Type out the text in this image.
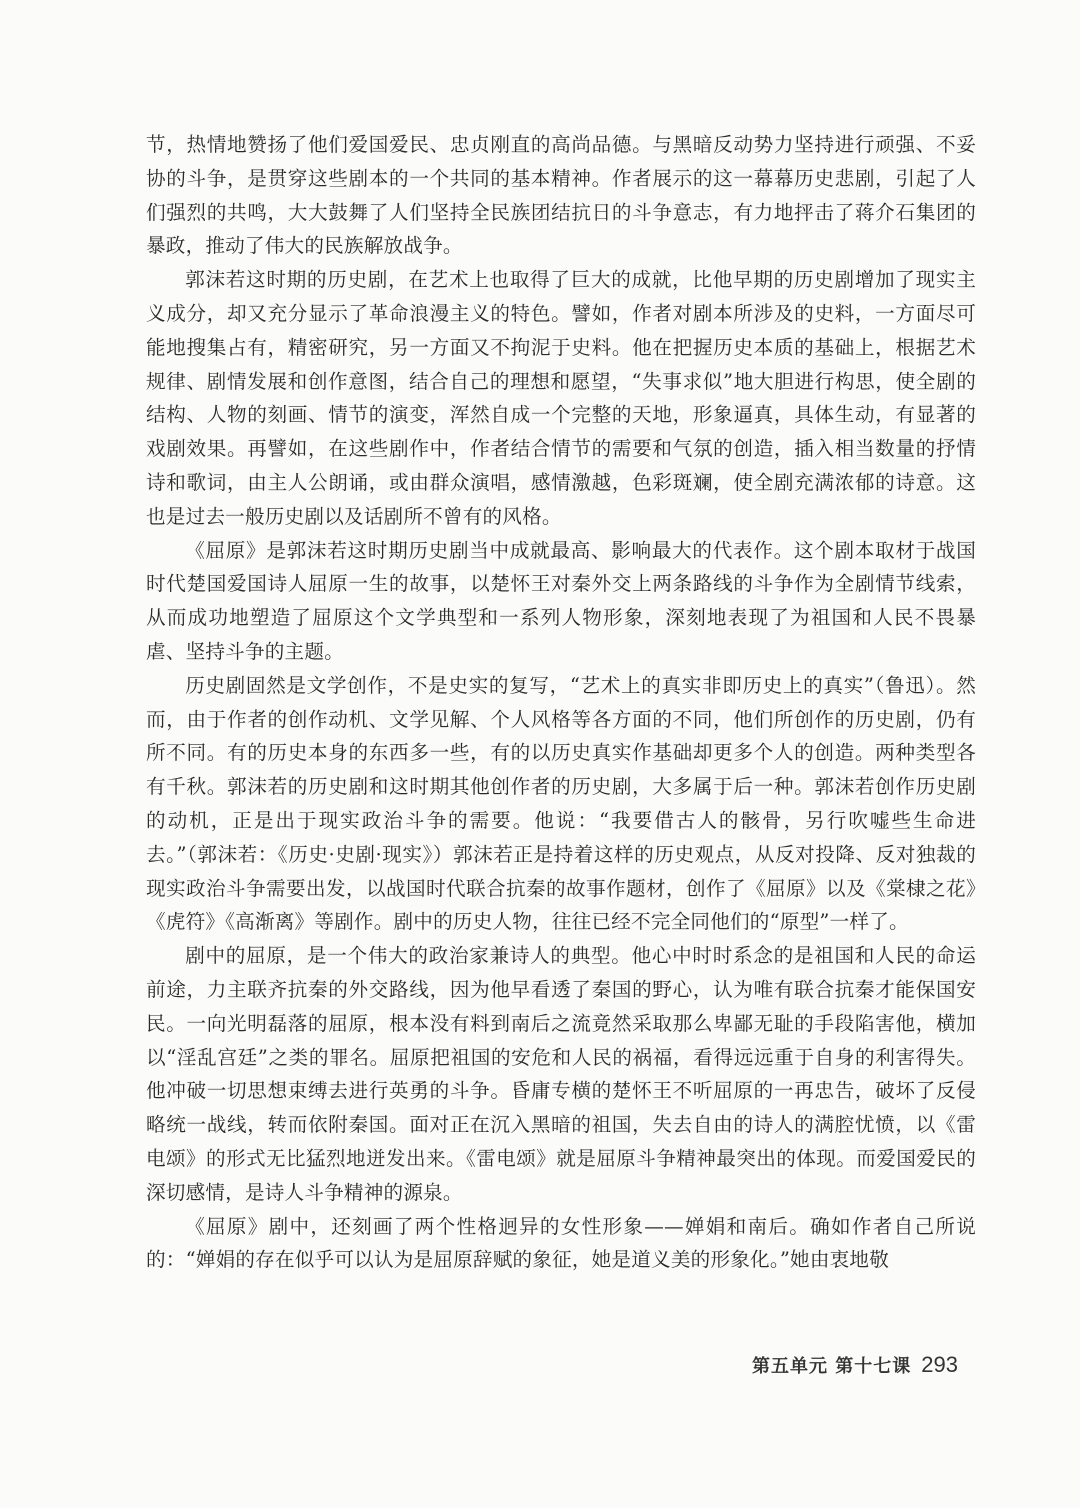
节，热情地赞扬了他们爱国爱民、忠贞刚直的高尚品德。与黑暗反动势力坚持进行顽强、不妥协的斗争，是贯穿这些剧本的一个共同的基本精神。作者展示的这一幕幕历史悲剧，引起了人们强烈的共鸣，大大鼓舞了人们坚持全民族团结抗日的斗争意志，有力地抨击了蒋介石集团的暴政，推动了伟大的民族解放战争。

郭沫若这时期的历史剧，在艺术上也取得了巨大的成就，比他早期的历史剧增加了现实主义成分，却又充分显示了革命浪漫主义的特色。譬如，作者对剧本所涉及的史料，一方面尽可能地搜集占有，精密研究，另一方面又不拘泥于史料。他在把握历史本质的基础上，根据艺术规律、剧情发展和创作意图，结合自己的理想和愿望，“失事求似”地大胆进行构思，使全剧的结构、人物的刻画、情节的演变，浑然自成一个完整的天地，形象逼真，具体生动，有显著的戏剧效果。再譬如，在这些剧作中，作者结合情节的需要和气氛的创造，插入相当数量的抒情诗和歌词，由主人公朗诵，或由群众演唱，感情激越，色彩斑斓，使全剧充满浓郁的诗意。这也是过去一般历史剧以及话剧所不曾有的风格。

《屈原》是郭沫若这时期历史剧当中成就最高、影响最大的代表作。这个剧本取材于战国时代楚国爱国诗人屈原一生的故事，以楚怀王对秦外交上两条路线的斗争作为全剧情节线索，从而成功地塑造了屈原这个文学典型和一系列人物形象，深刻地表现了为祖国和人民不畏暴虐、坚持斗争的主题。

历史剧固然是文学创作，不是史实的复写，“艺术上的真实非即历史上的真实”（鲁迅）。然而，由于作者的创作动机、文学见解、个人风格等各方面的不同，他们所创作的历史剧，仍有所不同。有的历史本身的东西多一些，有的以历史真实作基础却更多个人的创造。两种类型各有千秋。郭沫若的历史剧和这时期其他创作者的历史剧，大多属于后一种。郭沫若创作历史剧的动机，正是出于现实政治斗争的需要。他说：“我要借古人的骸骨，另行吹嘘些生命进去。”（郭沫若：《历史·史剧·现实》）郭沫若正是持着这样的历史观点，从反对投降、反对独裁的现实政治斗争需要出发，以战国时代联合抗秦的故事作题材，创作了《屈原》以及《棠棣之花》《虎符》《高渐离》等剧作。剧中的历史人物，往往已经不完全同他们的“原型”一样了。

剧中的屈原，是一个伟大的政治家兼诗人的典型。他心中时时系念的是祖国和人民的命运前途，力主联齐抗秦的外交路线，因为他早看透了秦国的野心，认为唯有联合抗秦才能保国安民。一向光明磊落的屈原，根本没有料到南后之流竟然采取那么卑鄙无耻的手段陷害他，横加以“淫乱宫廷”之类的罪名。屈原把祖国的安危和人民的祸福，看得远远重于自身的利害得失。他冲破一切思想束缚去进行英勇的斗争。昏庸专横的楚怀王不听屈原的一再忠告，破坏了反侵略统一战线，转而依附秦国。面对正在沉入黑暗的祖国，失去自由的诗人的满腔忧愤，以《雷电颂》的形式无比猛烈地迸发出来。《雷电颂》就是屈原斗争精神最突出的体现。而爱国爱民的深切感情，是诗人斗争精神的源泉。

《屈原》剧中，还刻画了两个性格迥异的女性形象——婵娟和南后。确如作者自己所说的：“婵娟的存在似乎可以认为是屈原辞赋的象征，她是道义美的形象化。”她由衷地敬

第五单元 第十七课 293
